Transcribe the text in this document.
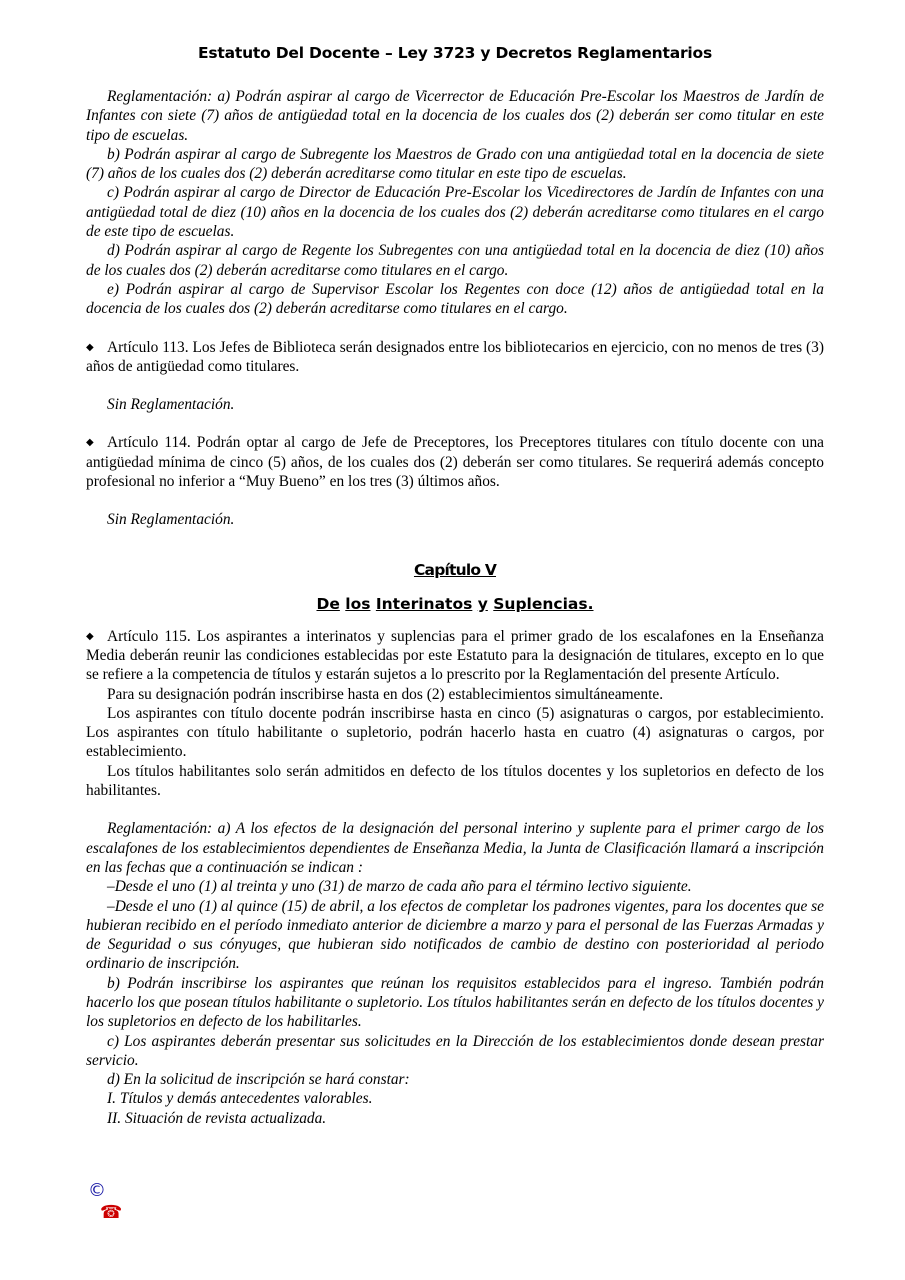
Estatuto Del Docente – Ley 3723 y Decretos Reglamentarios

Reglamentación: a) Podrán aspirar al cargo de Vicerrector de Educación Pre-Escolar los Maestros de Jardín de Infantes con siete (7) años de antigüedad total en la docencia de los cuales dos (2) deberán ser como titular en este tipo de escuelas.

b) Podrán aspirar al cargo de Subregente los Maestros de Grado con una antigüedad total en la docencia de siete (7) años de los cuales dos (2) deberán acreditarse como titular en este tipo de escuelas.

c) Podrán aspirar al cargo de Director de Educación Pre-Escolar los Vicedirectores de Jardín de Infantes con una antigüedad total de diez (10) años en la docencia de los cuales dos (2) deberán acreditarse como titulares en el cargo de este tipo de escuelas.

d) Podrán aspirar al cargo de Regente los Subregentes con una antigüedad total en la docencia de diez (10) años de los cuales dos (2) deberán acreditarse como titulares en el cargo.

e) Podrán aspirar al cargo de Supervisor Escolar los Regentes con doce (12) años de antigüedad total en la docencia de los cuales dos (2) deberán acreditarse como titulares en el cargo.

◆ Artículo 113. Los Jefes de Biblioteca serán designados entre los bibliotecarios en ejercicio, con no menos de tres (3) años de antigüedad como titulares.

Sin Reglamentación.

◆ Artículo 114. Podrán optar al cargo de Jefe de Preceptores, los Preceptores titulares con título docente con una antigüedad mínima de cinco (5) años, de los cuales dos (2) deberán ser como titulares. Se requerirá además concepto profesional no inferior a “Muy Bueno” en los tres (3) últimos años.

Sin Reglamentación.

Capítulo V
De los Interinatos y Suplencias.

◆ Artículo 115. Los aspirantes a interinatos y suplencias para el primer grado de los escalafones en la Enseñanza Media deberán reunir las condiciones establecidas por este Estatuto para la designación de titulares, excepto en lo que se refiere a la competencia de títulos y estarán sujetos a lo prescrito por la Reglamentación del presente Artículo.

Para su designación podrán inscribirse hasta en dos (2) establecimientos simultáneamente.

Los aspirantes con título docente podrán inscribirse hasta en cinco (5) asignaturas o cargos, por establecimiento. Los aspirantes con título habilitante o supletorio, podrán hacerlo hasta en cuatro (4) asignaturas o cargos, por establecimiento.

Los títulos habilitantes solo serán admitidos en defecto de los títulos docentes y los supletorios en defecto de los habilitantes.

Reglamentación: a) A los efectos de la designación del personal interino y suplente para el primer cargo de los escalafones de los establecimientos dependientes de Enseñanza Media, la Junta de Clasificación llamará a inscripción en las fechas que a continuación se indican :

–Desde el uno (1) al treinta y uno (31) de marzo de cada año para el término lectivo siguiente.

–Desde el uno (1) al quince (15) de abril, a los efectos de completar los padrones vigentes, para los docentes que se hubieran recibido en el período inmediato anterior de diciembre a marzo y para el personal de las Fuerzas Armadas y de Seguridad o sus cónyuges, que hubieran sido notificados de cambio de destino con posterioridad al periodo ordinario de inscripción.

b) Podrán inscribirse los aspirantes que reúnan los requisitos establecidos para el ingreso. También podrán hacerlo los que posean títulos habilitante o supletorio. Los títulos habilitantes serán en defecto de los títulos docentes y los supletorios en defecto de los habilitarles.

c) Los aspirantes deberán presentar sus solicitudes en la Dirección de los establecimientos donde desean prestar servicio.

d) En la solicitud de inscripción se hará constar:

I. Títulos y demás antecedentes valorables.

II. Situación de revista actualizada.

©
☎
